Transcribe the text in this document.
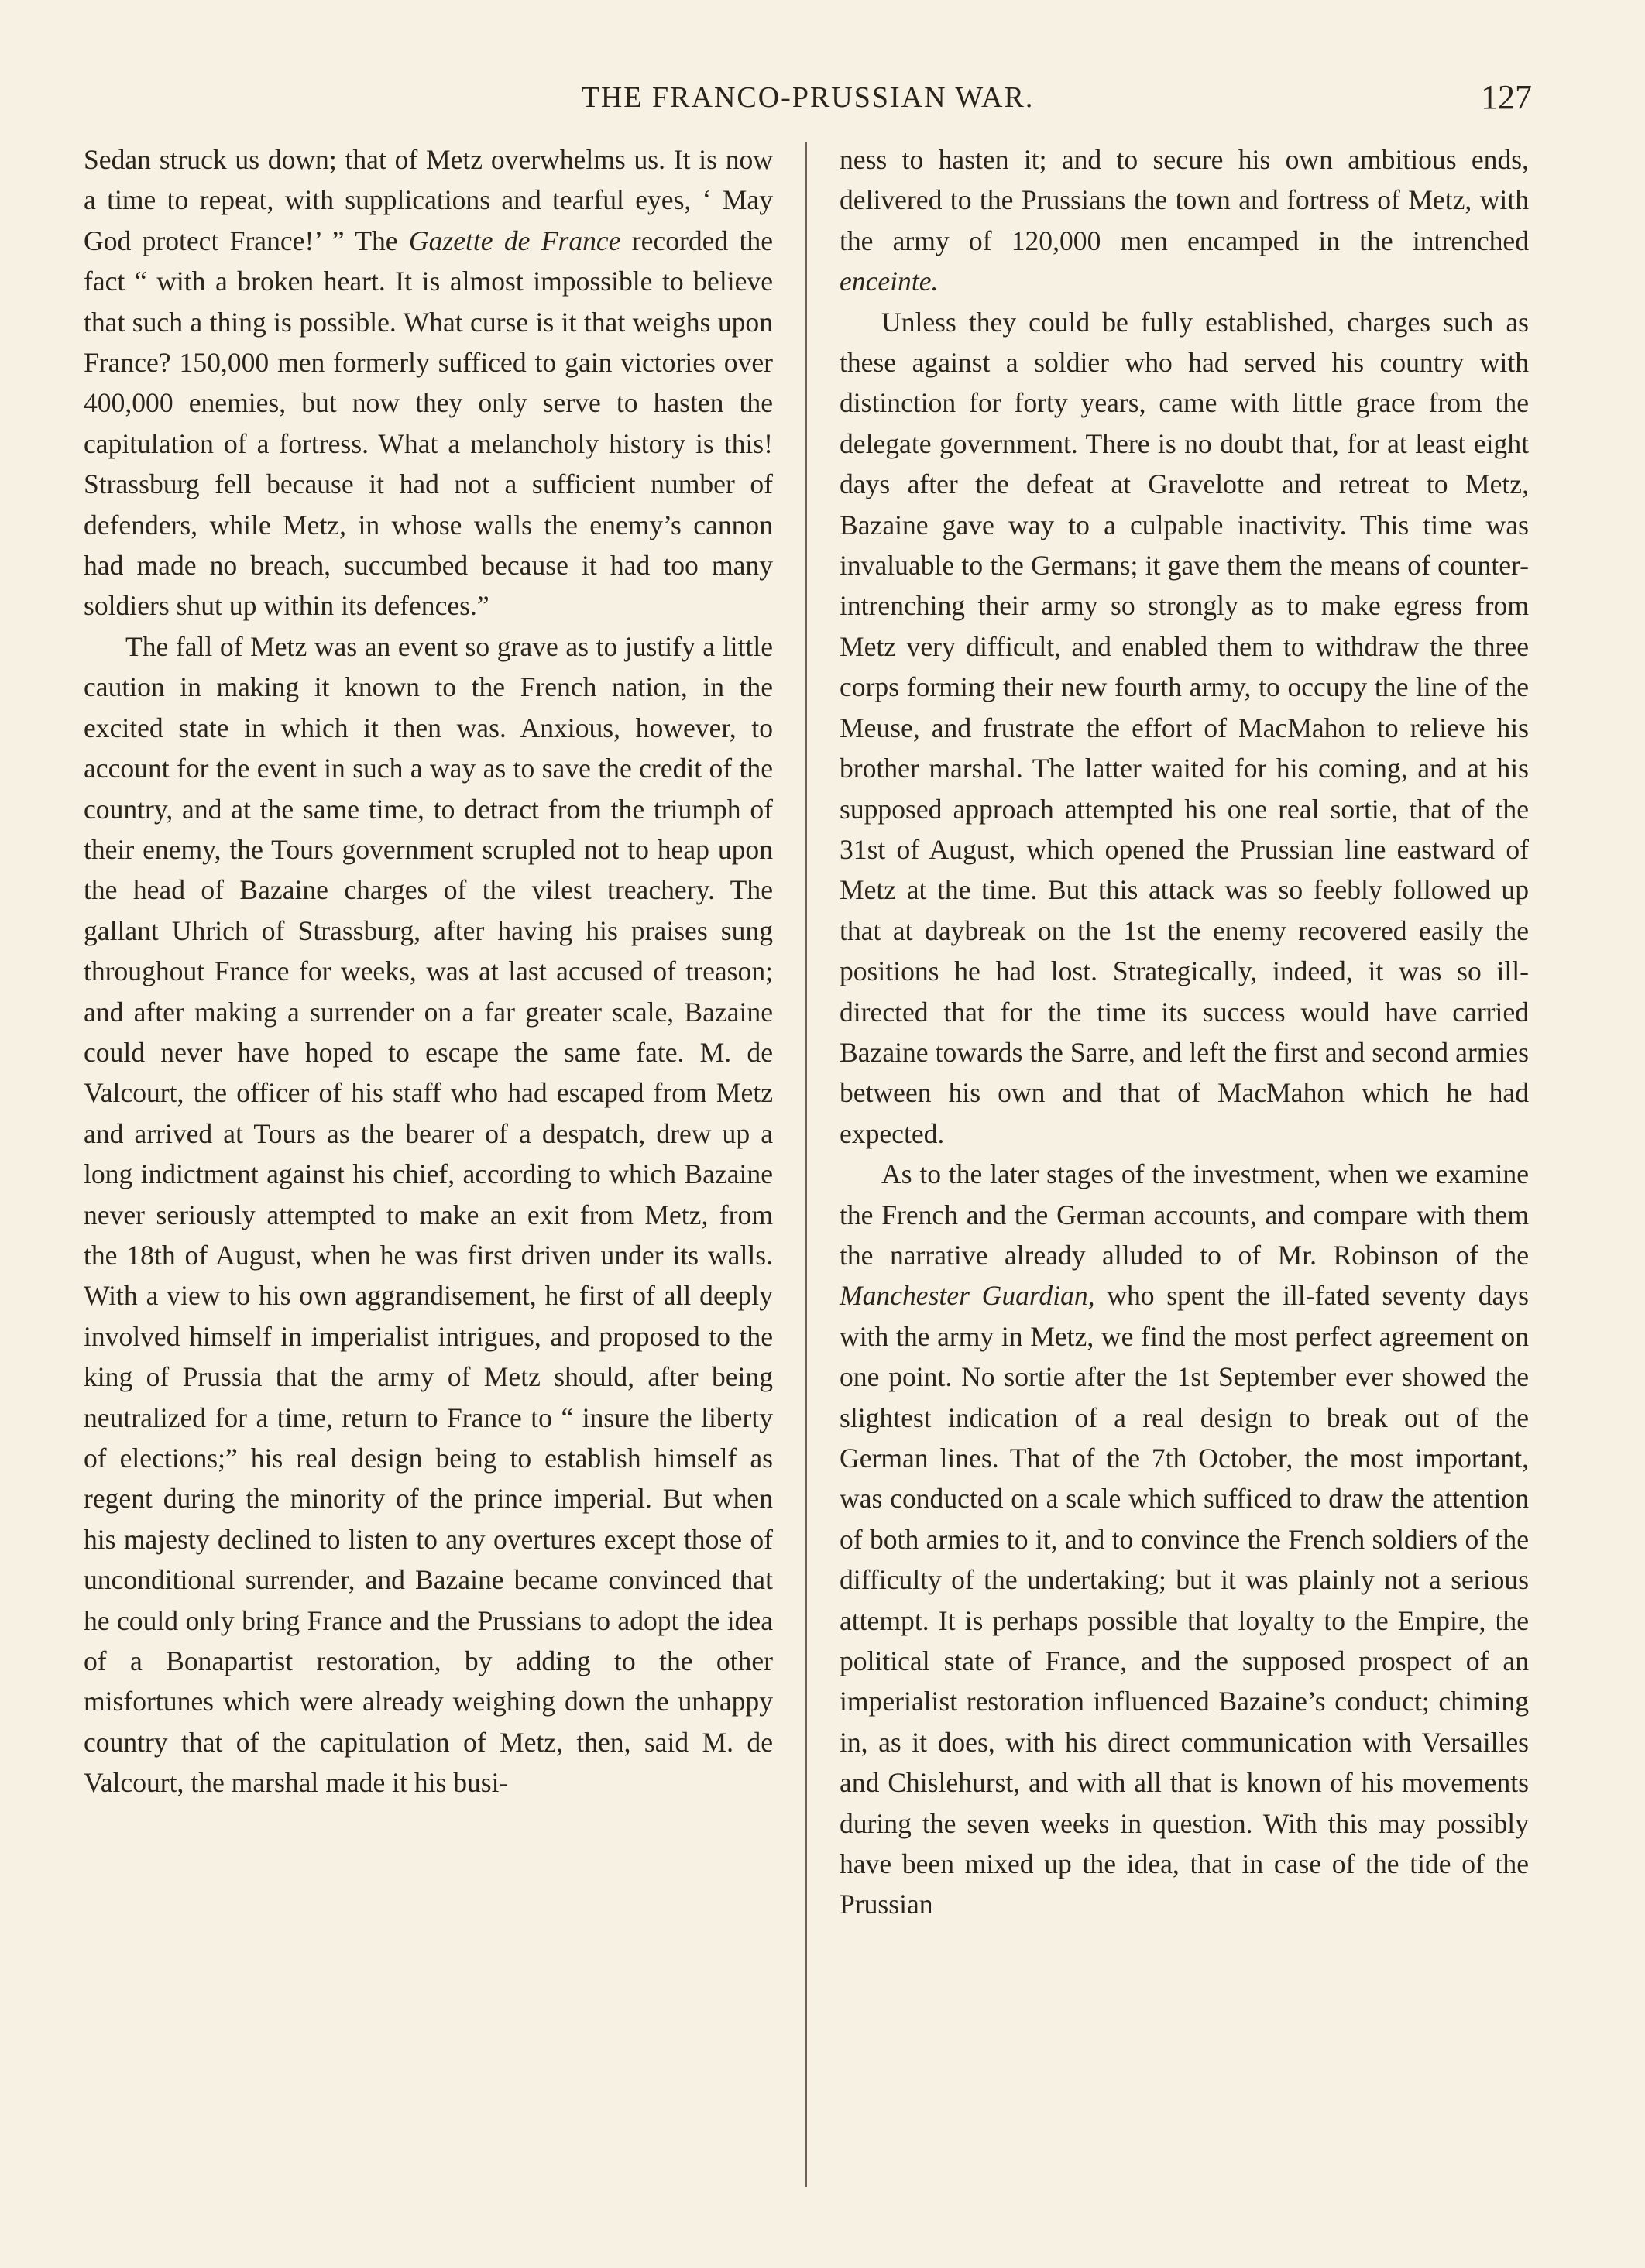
THE FRANCO-PRUSSIAN WAR.	127

Sedan struck us down; that of Metz overwhelms us. It is now a time to repeat, with supplications and tearful eyes, ‘ May God protect France!’ ” The Gazette de France recorded the fact “ with a broken heart. It is almost impossible to believe that such a thing is possible. What curse is it that weighs upon France? 150,000 men formerly sufficed to gain victories over 400,000 enemies, but now they only serve to hasten the capitulation of a fortress. What a melancholy history is this! Strassburg fell because it had not a sufficient number of defenders, while Metz, in whose walls the enemy’s cannon had made no breach, succumbed because it had too many soldiers shut up within its defences.”

The fall of Metz was an event so grave as to justify a little caution in making it known to the French nation, in the excited state in which it then was. Anxious, however, to account for the event in such a way as to save the credit of the country, and at the same time, to detract from the triumph of their enemy, the Tours government scrupled not to heap upon the head of Bazaine charges of the vilest treachery. The gallant Uhrich of Strassburg, after having his praises sung throughout France for weeks, was at last accused of treason; and after making a surrender on a far greater scale, Bazaine could never have hoped to escape the same fate. M. de Valcourt, the officer of his staff who had escaped from Metz and arrived at Tours as the bearer of a despatch, drew up a long indictment against his chief, according to which Bazaine never seriously attempted to make an exit from Metz, from the 18th of August, when he was first driven under its walls. With a view to his own aggrandisement, he first of all deeply involved himself in imperialist intrigues, and proposed to the king of Prussia that the army of Metz should, after being neutralized for a time, return to France to “ insure the liberty of elections;” his real design being to establish himself as regent during the minority of the prince imperial. But when his majesty declined to listen to any overtures except those of unconditional surrender, and Bazaine became convinced that he could only bring France and the Prussians to adopt the idea of a Bonapartist restoration, by adding to the other misfortunes which were already weighing down the unhappy country that of the capitulation of Metz, then, said M. de Valcourt, the marshal made it his busi-

ness to hasten it; and to secure his own ambitious ends, delivered to the Prussians the town and fortress of Metz, with the army of 120,000 men encamped in the intrenched enceinte.

Unless they could be fully established, charges such as these against a soldier who had served his country with distinction for forty years, came with little grace from the delegate government. There is no doubt that, for at least eight days after the defeat at Gravelotte and retreat to Metz, Bazaine gave way to a culpable inactivity. This time was invaluable to the Germans; it gave them the means of counter-intrenching their army so strongly as to make egress from Metz very difficult, and enabled them to withdraw the three corps forming their new fourth army, to occupy the line of the Meuse, and frustrate the effort of MacMahon to relieve his brother marshal. The latter waited for his coming, and at his supposed approach attempted his one real sortie, that of the 31st of August, which opened the Prussian line eastward of Metz at the time. But this attack was so feebly followed up that at daybreak on the 1st the enemy recovered easily the positions he had lost. Strategically, indeed, it was so ill-directed that for the time its success would have carried Bazaine towards the Sarre, and left the first and second armies between his own and that of MacMahon which he had expected.

As to the later stages of the investment, when we examine the French and the German accounts, and compare with them the narrative already alluded to of Mr. Robinson of the Manchester Guardian, who spent the ill-fated seventy days with the army in Metz, we find the most perfect agreement on one point. No sortie after the 1st September ever showed the slightest indication of a real design to break out of the German lines. That of the 7th October, the most important, was conducted on a scale which sufficed to draw the attention of both armies to it, and to convince the French soldiers of the difficulty of the undertaking; but it was plainly not a serious attempt. It is perhaps possible that loyalty to the Empire, the political state of France, and the supposed prospect of an imperialist restoration influenced Bazaine’s conduct; chiming in, as it does, with his direct communication with Versailles and Chislehurst, and with all that is known of his movements during the seven weeks in question. With this may possibly have been mixed up the idea, that in case of the tide of the Prussian
